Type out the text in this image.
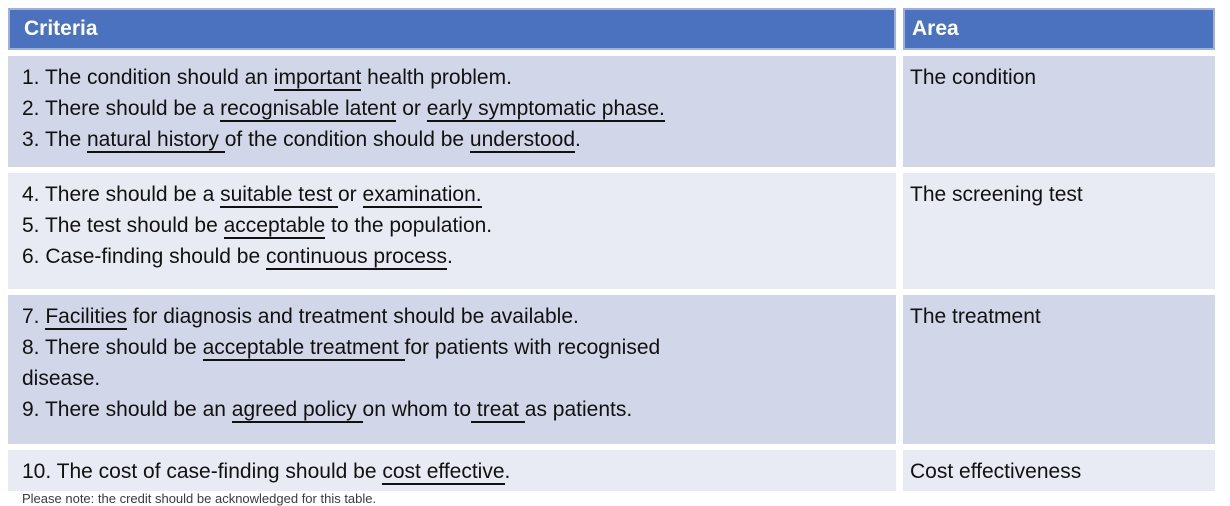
Criteria	Area
1. The condition should an important health problem.
2. There should be a recognisable latent or early symptomatic phase.
3. The natural history of the condition should be understood.
The condition
4. There should be a suitable test or examination.
5. The test should be acceptable to the population.
6. Case-finding should be continuous process.
The screening test
7. Facilities for diagnosis and treatment should be available.
8. There should be acceptable treatment for patients with recognised
disease.
9. There should be an agreed policy on whom to treat as patients.
The treatment
10. The cost of case-finding should be cost effective.	Cost effectiveness
Please note: the credit should be acknowledged for this table.
